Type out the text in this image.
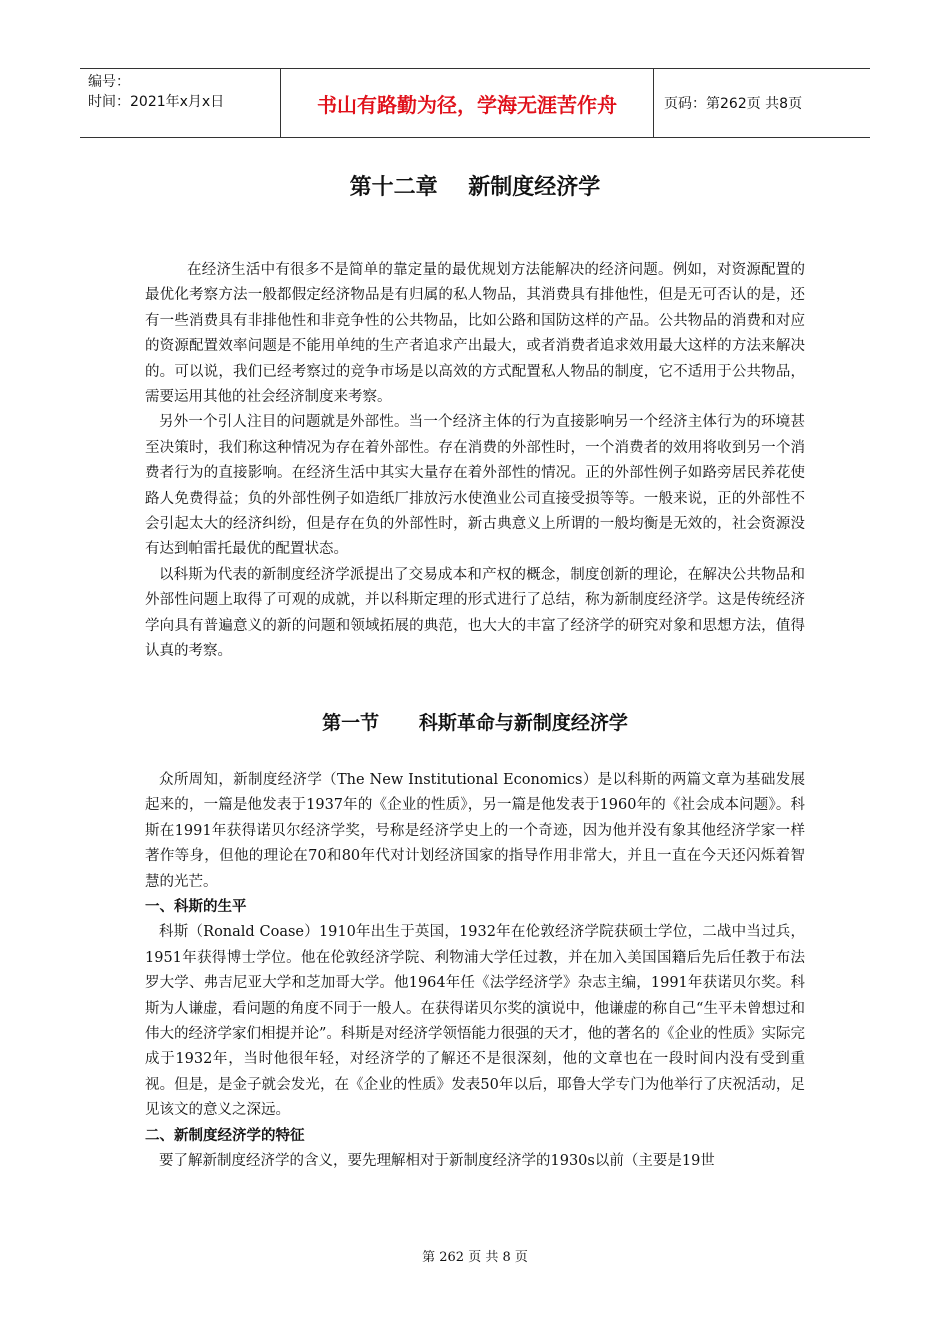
编号：
时间：2021年x月x日	书山有路勤为径，学海无涯苦作舟	页码：第262页 共8页
第十二章    新制度经济学

在经济生活中有很多不是简单的靠定量的最优规划方法能解决的经济问题。例如，对资源配置的最优化考察方法一般都假定经济物品是有归属的私人物品，其消费具有排他性，但是无可否认的是，还有一些消费具有非排他性和非竞争性的公共物品，比如公路和国防这样的产品。公共物品的消费和对应的资源配置效率问题是不能用单纯的生产者追求产出最大，或者消费者追求效用最大这样的方法来解决的。可以说，我们已经考察过的竞争市场是以高效的方式配置私人物品的制度，它不适用于公共物品，需要运用其他的社会经济制度来考察。

另外一个引人注目的问题就是外部性。当一个经济主体的行为直接影响另一个经济主体行为的环境甚至决策时，我们称这种情况为存在着外部性。存在消费的外部性时，一个消费者的效用将收到另一个消费者行为的直接影响。在经济生活中其实大量存在着外部性的情况。正的外部性例子如路旁居民养花使路人免费得益；负的外部性例子如造纸厂排放污水使渔业公司直接受损等等。一般来说，正的外部性不会引起太大的经济纠纷，但是存在负的外部性时，新古典意义上所谓的一般均衡是无效的，社会资源没有达到帕雷托最优的配置状态。

以科斯为代表的新制度经济学派提出了交易成本和产权的概念，制度创新的理论，在解决公共物品和外部性问题上取得了可观的成就，并以科斯定理的形式进行了总结，称为新制度经济学。这是传统经济学向具有普遍意义的新的问题和领域拓展的典范，也大大的丰富了经济学的研究对象和思想方法，值得认真的考察。

第一节      科斯革命与新制度经济学

众所周知，新制度经济学（The New Institutional Economics）是以科斯的两篇文章为基础发展起来的，一篇是他发表于1937年的《企业的性质》，另一篇是他发表于1960年的《社会成本问题》。科斯在1991年获得诺贝尔经济学奖，号称是经济学史上的一个奇迹，因为他并没有象其他经济学家一样著作等身，但他的理论在70和80年代对计划经济国家的指导作用非常大，并且一直在今天还闪烁着智慧的光芒。

一、科斯的生平

科斯（Ronald Coase）1910年出生于英国，1932年在伦敦经济学院获硕士学位，二战中当过兵，1951年获得博士学位。他在伦敦经济学院、利物浦大学任过教，并在加入美国国籍后先后任教于布法罗大学、弗吉尼亚大学和芝加哥大学。他1964年任《法学经济学》杂志主编，1991年获诺贝尔奖。科斯为人谦虚，看问题的角度不同于一般人。在获得诺贝尔奖的演说中，他谦虚的称自己“生平未曾想过和伟大的经济学家们相提并论”。科斯是对经济学领悟能力很强的天才，他的著名的《企业的性质》实际完成于1932年，当时他很年轻，对经济学的了解还不是很深刻，他的文章也在一段时间内没有受到重视。但是，是金子就会发光，在《企业的性质》发表50年以后，耶鲁大学专门为他举行了庆祝活动，足见该文的意义之深远。

二、新制度经济学的特征

要了解新制度经济学的含义，要先理解相对于新制度经济学的1930s以前（主要是19世

第 262 页 共 8 页
